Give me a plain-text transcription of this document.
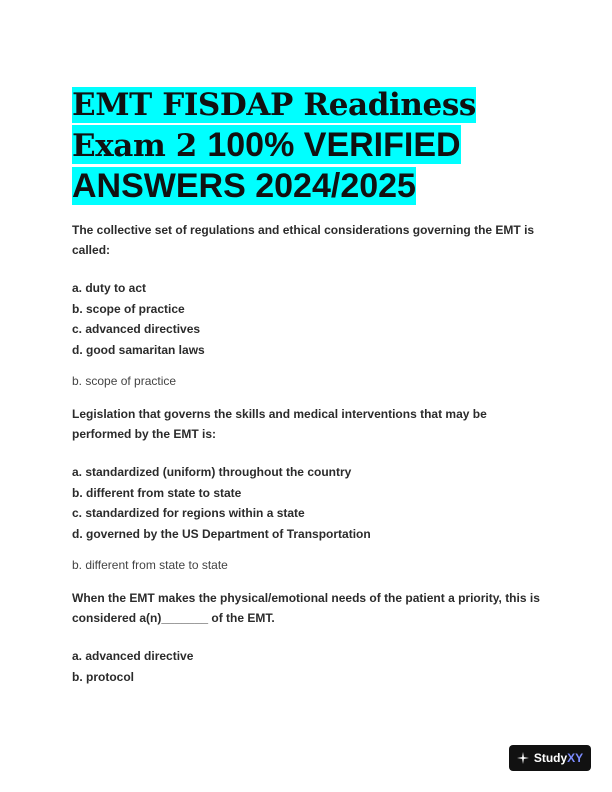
EMT FISDAP Readiness
Exam 2 100% VERIFIED
ANSWERS 2024/2025
The collective set of regulations and ethical considerations governing the EMT is called:
a. duty to act
b. scope of practice
c. advanced directives
d. good samaritan laws
b. scope of practice
Legislation that governs the skills and medical interventions that may be performed by the EMT is:
a. standardized (uniform) throughout the country
b. different from state to state
c. standardized for regions within a state
d. governed by the US Department of Transportation
b. different from state to state
When the EMT makes the physical/emotional needs of the patient a priority, this is considered a(n)_______ of the EMT.
a. advanced directive
b. protocol
StudyXY
